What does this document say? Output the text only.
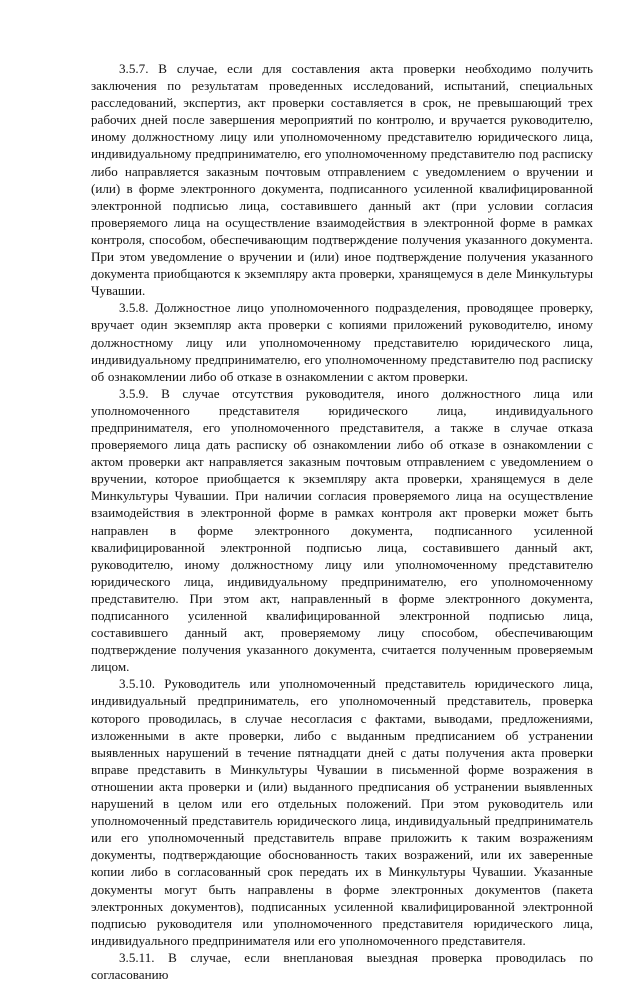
3.5.7. В случае, если для составления акта проверки необходимо получить заключения по результатам проведенных исследований, испытаний, специальных расследований, экспертиз, акт проверки составляется в срок, не превышающий трех рабочих дней после завершения мероприятий по контролю, и вручается руководителю, иному должностному лицу или уполномоченному представителю юридического лица, индивидуальному предпринимателю, его уполномоченному представителю под расписку либо направляется заказным почтовым отправлением с уведомлением о вручении и (или) в форме электронного документа, подписанного усиленной квалифицированной электронной подписью лица, составившего данный акт (при условии согласия проверяемого лица на осуществление взаимодействия в электронной форме в рамках контроля, способом, обеспечивающим подтверждение получения указанного документа. При этом уведомление о вручении и (или) иное подтверждение получения указанного документа приобщаются к экземпляру акта проверки, хранящемуся в деле Минкультуры Чувашии.

3.5.8. Должностное лицо уполномоченного подразделения, проводящее проверку, вручает один экземпляр акта проверки с копиями приложений руководителю, иному должностному лицу или уполномоченному представителю юридического лица, индивидуальному предпринимателю, его уполномоченному представителю под расписку об ознакомлении либо об отказе в ознакомлении с актом проверки.

3.5.9. В случае отсутствия руководителя, иного должностного лица или уполномоченного представителя юридического лица, индивидуального предпринимателя, его уполномоченного представителя, а также в случае отказа проверяемого лица дать расписку об ознакомлении либо об отказе в ознакомлении с актом проверки акт направляется заказным почтовым отправлением с уведомлением о вручении, которое приобщается к экземпляру акта проверки, хранящемуся в деле Минкультуры Чувашии. При наличии согласия проверяемого лица на осуществление взаимодействия в электронной форме в рамках контроля акт проверки может быть направлен в форме электронного документа, подписанного усиленной квалифицированной электронной подписью лица, составившего данный акт, руководителю, иному должностному лицу или уполномоченному представителю юридического лица, индивидуальному предпринимателю, его уполномоченному представителю. При этом акт, направленный в форме электронного документа, подписанного усиленной квалифицированной электронной подписью лица, составившего данный акт, проверяемому лицу способом, обеспечивающим подтверждение получения указанного документа, считается полученным проверяемым лицом.

3.5.10. Руководитель или уполномоченный представитель юридического лица, индивидуальный предприниматель, его уполномоченный представитель, проверка которого проводилась, в случае несогласия с фактами, выводами, предложениями, изложенными в акте проверки, либо с выданным предписанием об устранении выявленных нарушений в течение пятнадцати дней с даты получения акта проверки вправе представить в Минкультуры Чувашии в письменной форме возражения в отношении акта проверки и (или) выданного предписания об устранении выявленных нарушений в целом или его отдельных положений. При этом руководитель или уполномоченный представитель юридического лица, индивидуальный предприниматель или его уполномоченный представитель вправе приложить к таким возражениям документы, подтверждающие обоснованность таких возражений, или их заверенные копии либо в согласованный срок передать их в Минкультуры Чувашии. Указанные документы могут быть направлены в форме электронных документов (пакета электронных документов), подписанных усиленной квалифицированной электронной подписью руководителя или уполномоченного представителя юридического лица, индивидуального предпринимателя или его уполномоченного представителя.

3.5.11. В случае, если внеплановая выездная проверка проводилась по согласованию
